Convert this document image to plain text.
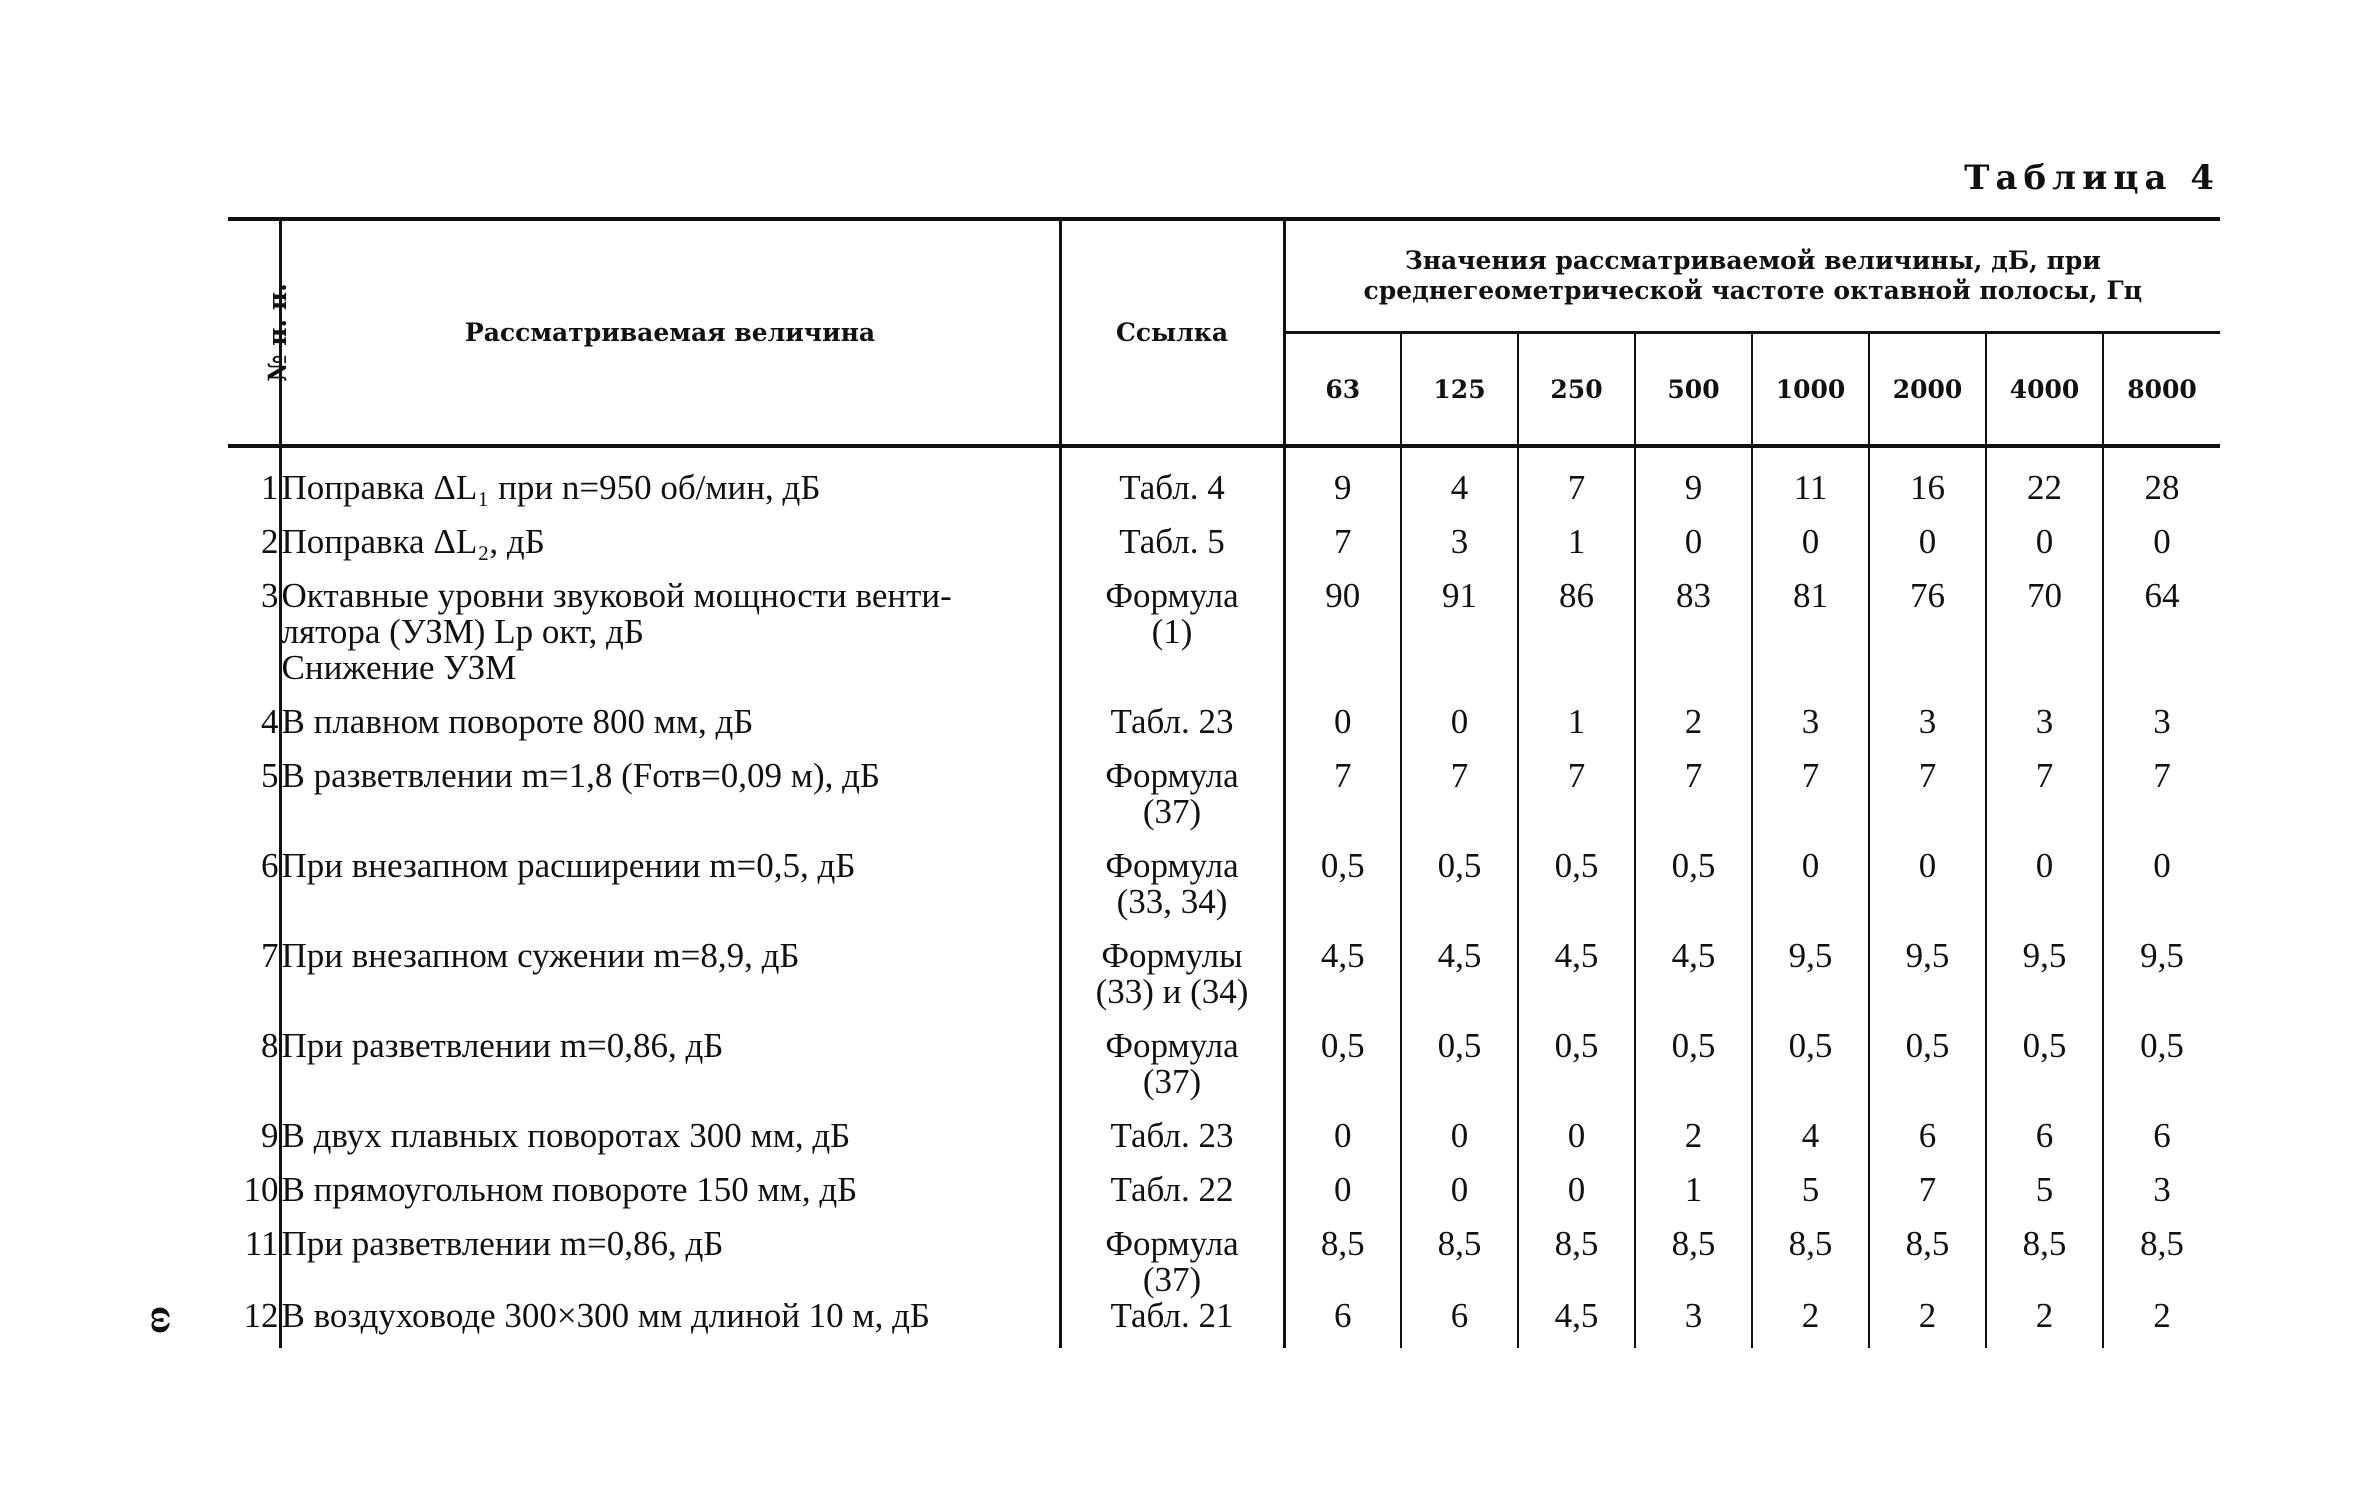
Таблица 4
ω
№ п. п.	Рассматриваемая величина	Ссылка	Значения рассматриваемой величины, дБ, при
среднегеометрической частоте октавной полосы, Гц							

			63	125	250	500	1000	2000	4000	8000

1	Поправка ΔL₁ при n=950 об/мин, дБ	Табл. 4	9	4	7	9	11	16	22	28
2	Поправка ΔL₂, дБ	Табл. 5	7	3	1	0	0	0	0	0
3	Октавные уровни звуковой мощности венти-
лятора (УЗМ) Lр окт, дБ
Снижение УЗМ	Формула
(1)	90	91	86	83	81	76	70	64
4	В плавном повороте 800 мм, дБ	Табл. 23	0	0	1	2	3	3	3	3
5	В разветвлении m=1,8 (Fотв=0,09 м), дБ	Формула
(37)	7	7	7	7	7	7	7	7
6	При внезапном расширении m=0,5, дБ	Формула
(33, 34)	0,5	0,5	0,5	0,5	0	0	0	0
7	При внезапном сужении m=8,9, дБ	Формулы
(33) и (34)	4,5	4,5	4,5	4,5	9,5	9,5	9,5	9,5
8	При разветвлении m=0,86, дБ	Формула
(37)	0,5	0,5	0,5	0,5	0,5	0,5	0,5	0,5
9	В двух плавных поворотах 300 мм, дБ	Табл. 23	0	0	0	2	4	6	6	6
10	В прямоугольном повороте 150 мм, дБ	Табл. 22	0	0	0	1	5	7	5	3
11	При разветвлении m=0,86, дБ	Формула
(37)	8,5	8,5	8,5	8,5	8,5	8,5	8,5	8,5
12	В воздуховоде 300×300 мм длиной 10 м, дБ	Табл. 21	6	6	4,5	3	2	2	2	2
